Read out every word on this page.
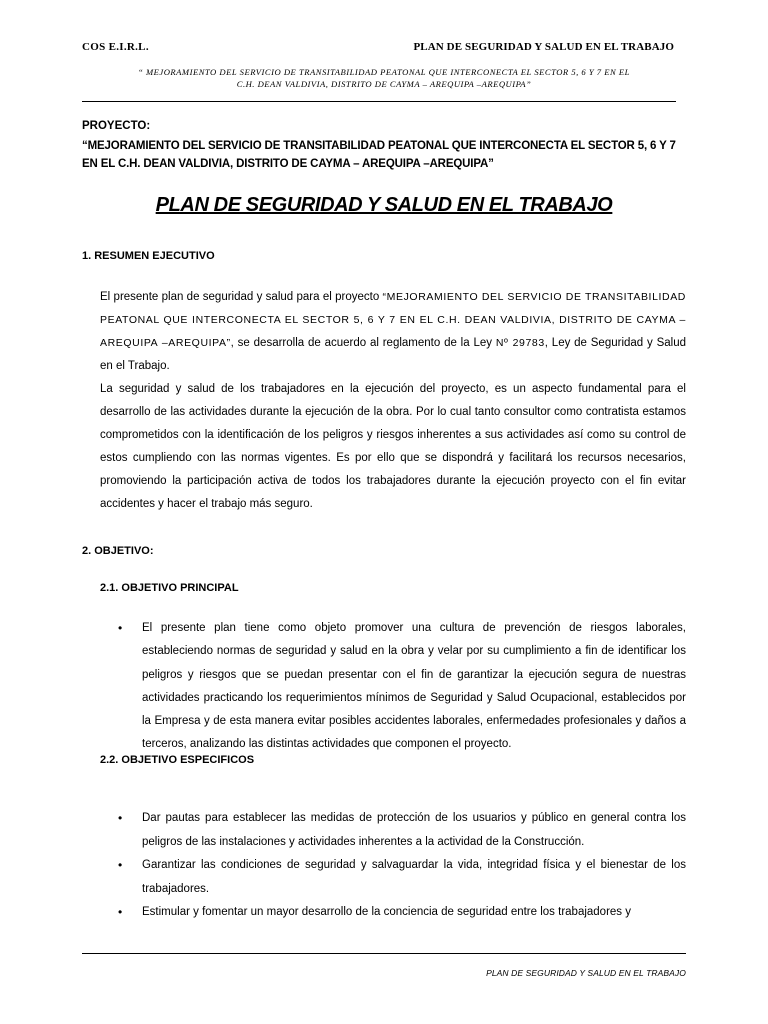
COS E.I.R.L.	PLAN DE SEGURIDAD Y SALUD EN EL TRABAJO
“ MEJORAMIENTO DEL SERVICIO DE TRANSITABILIDAD PEATONAL QUE INTERCONECTA EL SECTOR 5, 6 Y 7 EN EL
C.H. DEAN VALDIVIA, DISTRITO DE CAYMA – AREQUIPA –AREQUIPA”
PROYECTO:
“MEJORAMIENTO DEL SERVICIO DE TRANSITABILIDAD PEATONAL QUE INTERCONECTA EL SECTOR 5, 6 Y 7 EN EL C.H. DEAN VALDIVIA, DISTRITO DE CAYMA – AREQUIPA –AREQUIPA”
PLAN DE SEGURIDAD Y SALUD EN EL TRABAJO
1. RESUMEN EJECUTIVO
El presente plan de seguridad y salud para el proyecto “MEJORAMIENTO DEL SERVICIO DE TRANSITABILIDAD PEATONAL QUE INTERCONECTA EL SECTOR 5, 6 Y 7 EN EL C.H. DEAN VALDIVIA, DISTRITO DE CAYMA – AREQUIPA –AREQUIPA”, se desarrolla de acuerdo al reglamento de la Ley Nº 29783, Ley de Seguridad y Salud en el Trabajo.
La seguridad y salud de los trabajadores en la ejecución del proyecto, es un aspecto fundamental para el desarrollo de las actividades durante la ejecución de la obra. Por lo cual tanto consultor como contratista estamos comprometidos con la identificación de los peligros y riesgos inherentes a sus actividades así como su control de estos cumpliendo con las normas vigentes. Es por ello que se dispondrá y facilitará los recursos necesarios, promoviendo la participación activa de todos los trabajadores durante la ejecución proyecto con el fin evitar accidentes y hacer el trabajo más seguro.
2. OBJETIVO:
2.1. OBJETIVO PRINCIPAL
• El presente plan tiene como objeto promover una cultura de prevención de riesgos laborales, estableciendo normas de seguridad y salud en la obra y velar por su cumplimiento a fin de identificar los peligros y riesgos que se puedan presentar con el fin de garantizar la ejecución segura de nuestras actividades practicando los requerimientos mínimos de Seguridad y Salud Ocupacional, establecidos por la Empresa y de esta manera evitar posibles accidentes laborales, enfermedades profesionales y daños a terceros, analizando las distintas actividades que componen el proyecto.
2.2. OBJETIVO ESPECIFICOS
• Dar pautas para establecer las medidas de protección de los usuarios y público en general contra los peligros de las instalaciones y actividades inherentes a la actividad de la Construcción.
• Garantizar las condiciones de seguridad y salvaguardar la vida, integridad física y el bienestar de los trabajadores.
• Estimular y fomentar un mayor desarrollo de la conciencia de seguridad entre los trabajadores y
PLAN DE SEGURIDAD Y SALUD EN EL TRABAJO
